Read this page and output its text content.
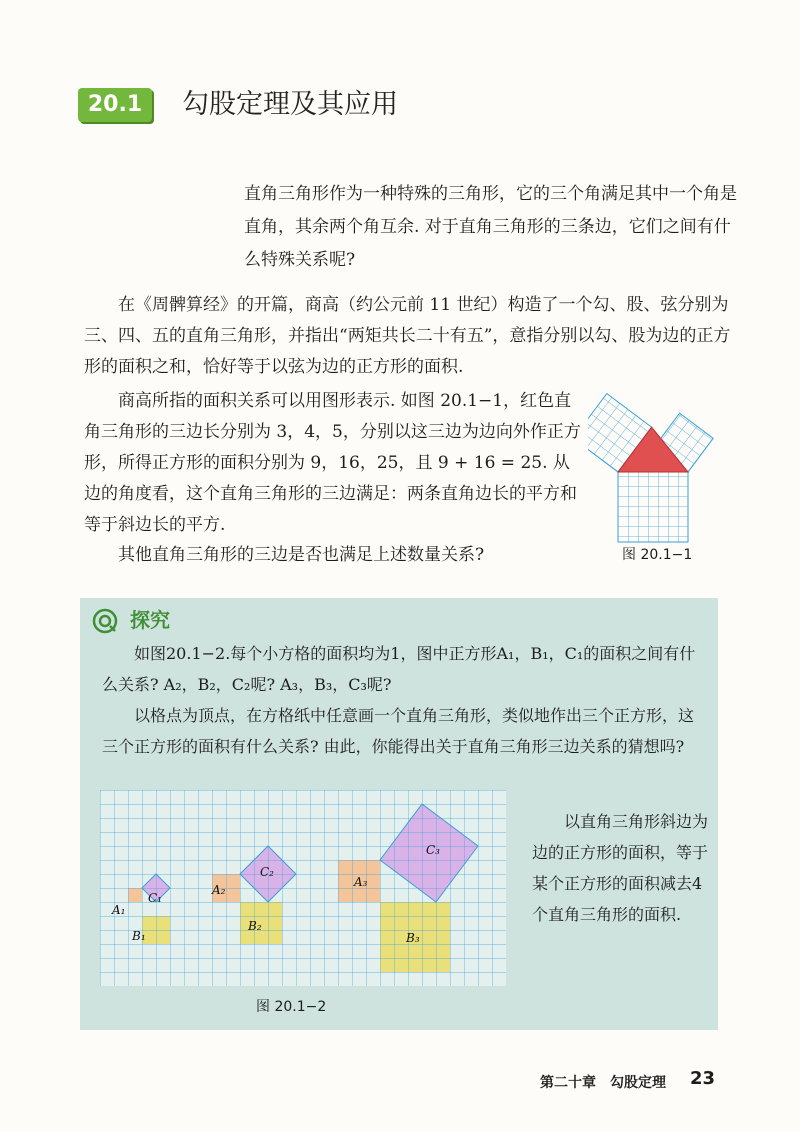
20.1	勾股定理及其应用

直角三角形作为一种特殊的三角形，它的三个角满足其中一个角是直角，其余两个角互余. 对于直角三角形的三条边，它们之间有什么特殊关系呢?

在《周髀算经》的开篇，商高（约公元前 11 世纪）构造了一个勾、股、弦分别为三、四、五的直角三角形，并指出“两矩共长二十有五”，意指分别以勾、股为边的正方形的面积之和，恰好等于以弦为边的正方形的面积.

商高所指的面积关系可以用图形表示. 如图 20.1−1，红色直角三角形的三边长分别为 3，4，5，分别以这三边为边向外作正方形，所得正方形的面积分别为 9，16，25，且 9 + 16 = 25. 从边的角度看，这个直角三角形的三边满足：两条直角边长的平方和等于斜边长的平方.

其他直角三角形的三边是否也满足上述数量关系?	图 20.1−1
探究

如图20.1−2.每个小方格的面积均为1，图中正方形A₁，B₁，C₁的面积之间有什么关系? A₂，B₂，C₂呢? A₃，B₃，C₃呢?

以格点为顶点，在方格纸中任意画一个直角三角形，类似地作出三个正方形，这三个正方形的面积有什么关系? 由此，你能得出关于直角三角形三边关系的猜想吗?

A₁
B₁
C₁
A₂
B₂
C₂
A₃
B₃
C₃
图 20.1−2

以直角三角形斜边为边的正方形的面积，等于某个正方形的面积减去4个直角三角形的面积.

第二十章　勾股定理 23
